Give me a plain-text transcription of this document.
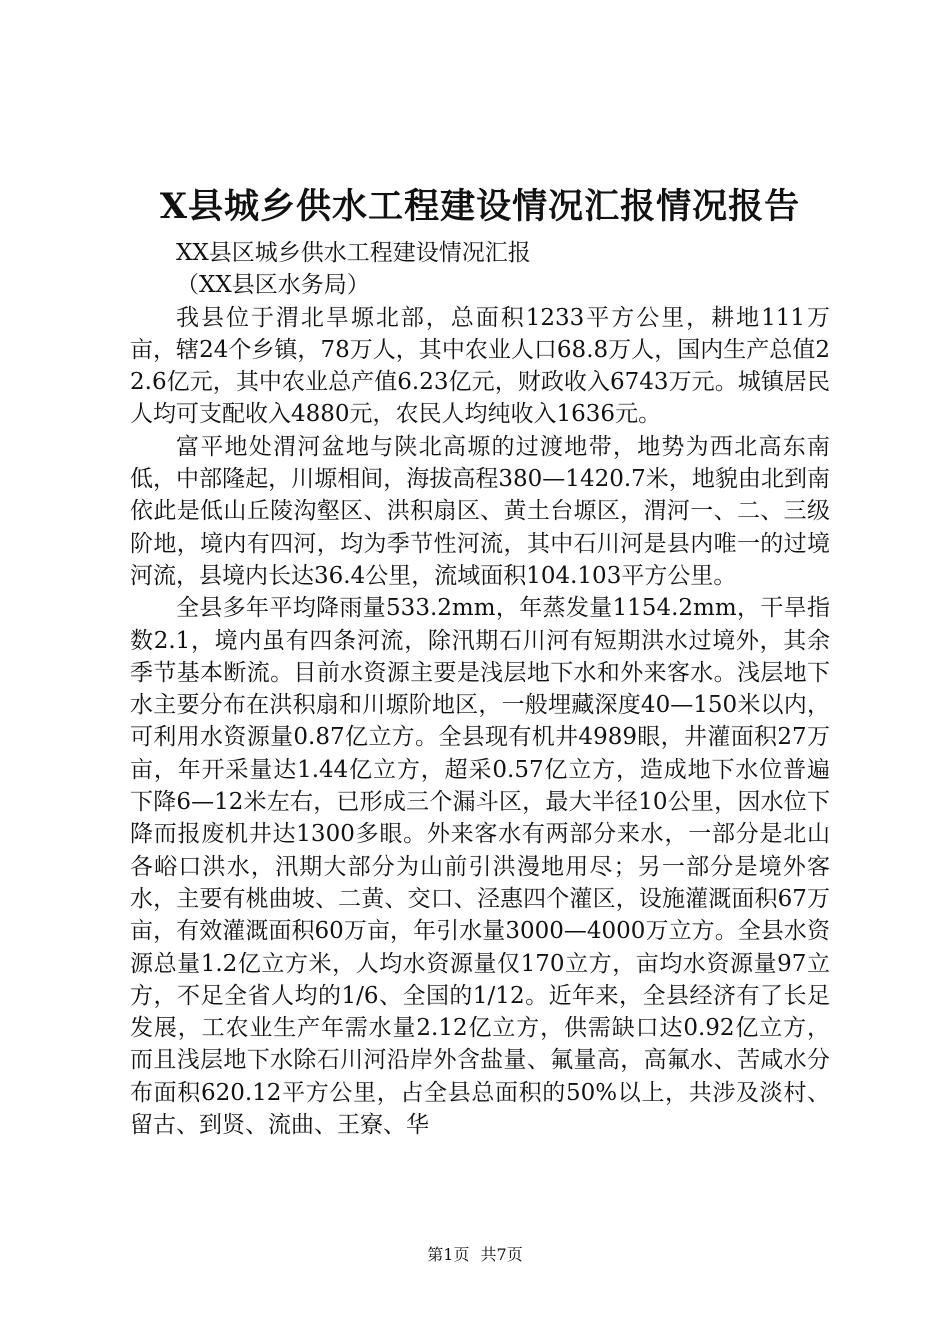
X县城乡供水工程建设情况汇报情况报告

XX县区城乡供水工程建设情况汇报

（XX县区水务局）

我县位于渭北旱塬北部，总面积1233平方公里，耕地111万亩，辖24个乡镇，78万人，其中农业人口68.8万人，国内生产总值22.6亿元，其中农业总产值6.23亿元，财政收入6743万元。城镇居民人均可支配收入4880元，农民人均纯收入1636元。

富平地处渭河盆地与陕北高塬的过渡地带，地势为西北高东南低，中部隆起，川塬相间，海拔高程380—1420.7米，地貌由北到南依此是低山丘陵沟壑区、洪积扇区、黄土台塬区，渭河一、二、三级阶地，境内有四河，均为季节性河流，其中石川河是县内唯一的过境河流，县境内长达36.4公里，流域面积104.103平方公里。

全县多年平均降雨量533.2mm，年蒸发量1154.2mm，干旱指数2.1，境内虽有四条河流，除汛期石川河有短期洪水过境外，其余季节基本断流。目前水资源主要是浅层地下水和外来客水。浅层地下水主要分布在洪积扇和川塬阶地区，一般埋藏深度40—150米以内，可利用水资源量0.87亿立方。全县现有机井4989眼，井灌面积27万亩，年开采量达1.44亿立方，超采0.57亿立方，造成地下水位普遍下降6—12米左右，已形成三个漏斗区，最大半径10公里，因水位下降而报废机井达1300多眼。外来客水有两部分来水，一部分是北山各峪口洪水，汛期大部分为山前引洪漫地用尽；另一部分是境外客水，主要有桃曲坡、二黄、交口、泾惠四个灌区，设施灌溉面积67万亩，有效灌溉面积60万亩，年引水量3000—4000万立方。全县水资源总量1.2亿立方米，人均水资源量仅170立方，亩均水资源量97立方，不足全省人均的1/6、全国的1/12。近年来，全县经济有了长足发展，工农业生产年需水量2.12亿立方，供需缺口达0.92亿立方，而且浅层地下水除石川河沿岸外含盐量、氟量高，高氟水、苦咸水分布面积620.12平方公里，占全县总面积的50%以上，共涉及淡村、留古、到贤、流曲、王寮、华

第1页 共7页
